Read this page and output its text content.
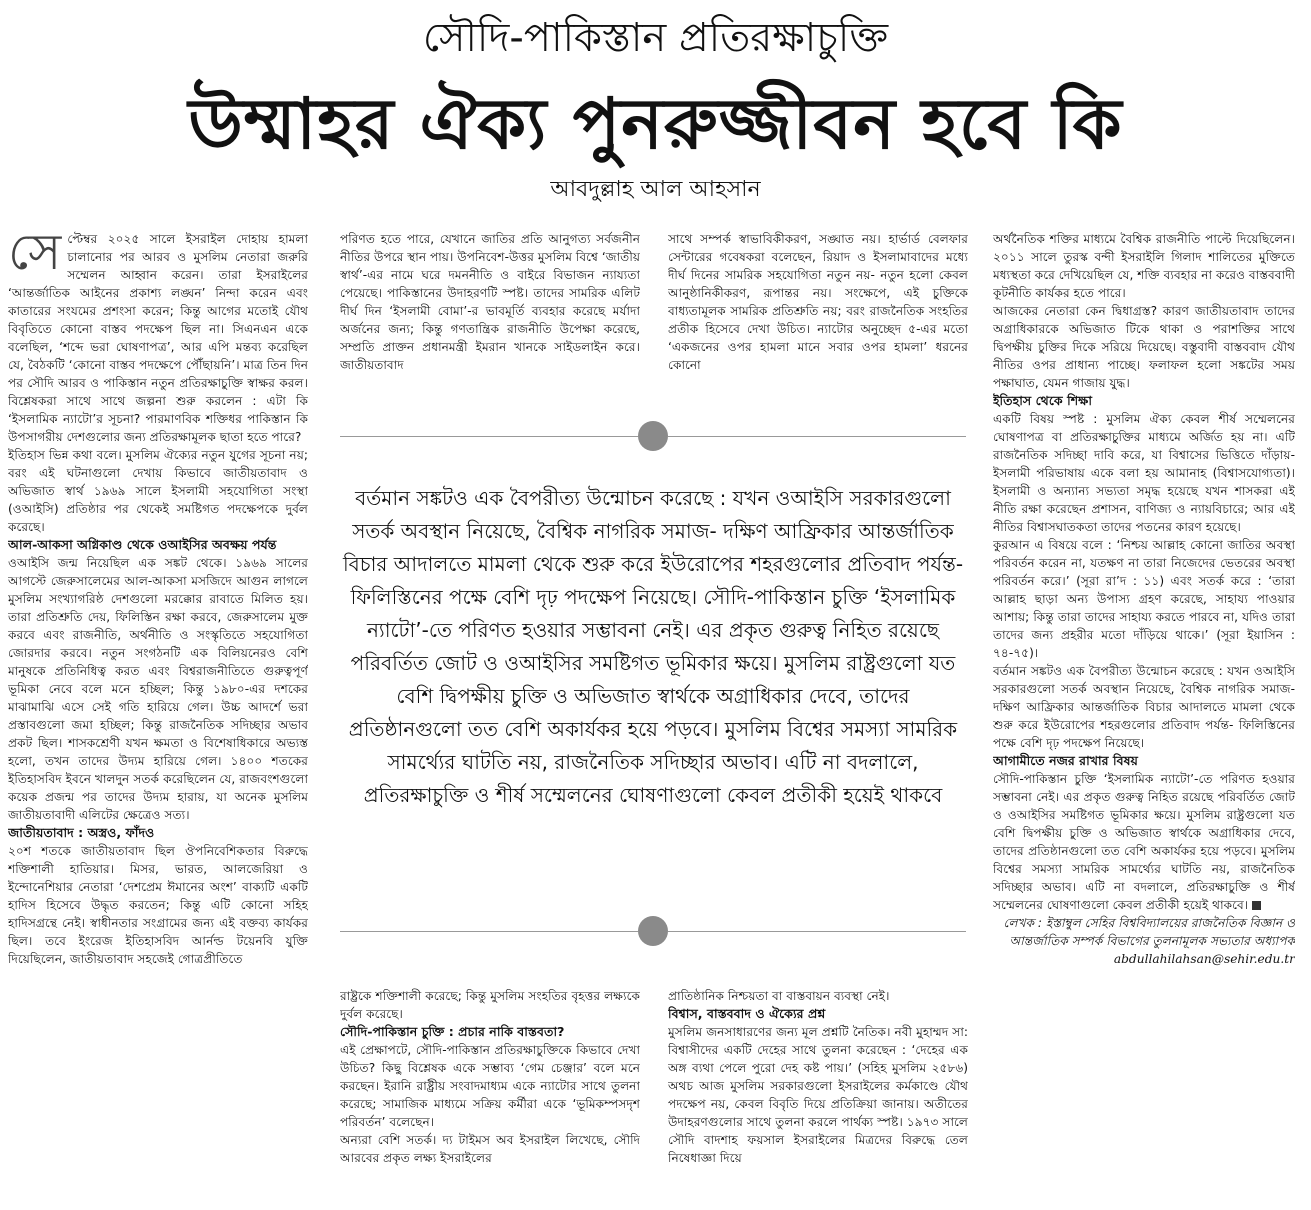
সৌদি-পাকিস্তান প্রতিরক্ষাচুক্তি
উম্মাহর ঐক্য পুনরুজ্জীবন হবে কি
আবদুল্লাহ আল আহসান

সেপ্টেম্বর ২০২৫ সালে ইসরাইল দোহায় হামলা চালানোর পর আরব ও মুসলিম নেতারা জরুরি সম্মেলন আহ্বান করেন। তারা ইসরাইলের ‘আন্তর্জাতিক আইনের প্রকাশ্য লঙ্ঘন’ নিন্দা করেন এবং কাতারের সংযমের প্রশংসা করেন; কিন্তু আগের মতোই যৌথ বিবৃতিতে কোনো বাস্তব পদক্ষেপ ছিল না। সিএনএন একে বলেছিল, ‘শব্দে ভরা ঘোষণাপত্র’, আর এপি মন্তব্য করেছিল যে, বৈঠকটি ‘কোনো বাস্তব পদক্ষেপে পৌঁছায়নি’। মাত্র তিন দিন পর সৌদি আরব ও পাকিস্তান নতুন প্রতিরক্ষাচুক্তি স্বাক্ষর করল। বিশ্লেষকরা সাথে সাথে জল্পনা শুরু করলেন : এটা কি ‘ইসলামিক ন্যাটো’র সূচনা? পারমাণবিক শক্তিধর পাকিস্তান কি উপসাগরীয় দেশগুলোর জন্য প্রতিরক্ষামূলক ছাতা হতে পারে?

ইতিহাস ভিন্ন কথা বলে। মুসলিম ঐক্যের নতুন যুগের সূচনা নয়; বরং এই ঘটনাগুলো দেখায় কিভাবে জাতীয়তাবাদ ও অভিজাত স্বার্থ ১৯৬৯ সালে ইসলামী সহযোগিতা সংস্থা (ওআইসি) প্রতিষ্ঠার পর থেকেই সমষ্টিগত পদক্ষেপকে দুর্বল করেছে।

আল-আকসা অগ্নিকাণ্ড থেকে ওআইসির অবক্ষয় পর্যন্ত

ওআইসি জন্ম নিয়েছিল এক সঙ্কট থেকে। ১৯৬৯ সালের আগস্টে জেরুসালেমের আল-আকসা মসজিদে আগুন লাগলে মুসলিম সংখ্যাগরিষ্ঠ দেশগুলো মরক্কোর রাবাতে মিলিত হয়। তারা প্রতিশ্রুতি দেয়, ফিলিস্তিন রক্ষা করবে, জেরুসালেম মুক্ত করবে এবং রাজনীতি, অর্থনীতি ও সংস্কৃতিতে সহযোগিতা জোরদার করবে। নতুন সংগঠনটি এক বিলিয়নেরও বেশি মানুষকে প্রতিনিধিত্ব করত এবং বিশ্বরাজনীতিতে গুরুত্বপূর্ণ ভূমিকা নেবে বলে মনে হচ্ছিল; কিন্তু ১৯৮০-এর দশকের মাঝামাঝি এসে সেই গতি হারিয়ে গেল। উচ্চ আদর্শে ভরা প্রস্তাবগুলো জমা হচ্ছিল; কিন্তু রাজনৈতিক সদিচ্ছার অভাব প্রকট ছিল। শাসকশ্রেণী যখন ক্ষমতা ও বিশেষাধিকারে অভ্যস্ত হলো, তখন তাদের উদ্যম হারিয়ে গেল। ১৪০০ শতকের ইতিহাসবিদ ইবনে খালদুন সতর্ক করেছিলেন যে, রাজবংশগুলো কয়েক প্রজন্ম পর তাদের উদ্যম হারায়, যা অনেক মুসলিম জাতীয়তাবাদী এলিটের ক্ষেত্রেও সত্য।

জাতীয়তাবাদ : অস্ত্রও, ফাঁদও

২০শ শতকে জাতীয়তাবাদ ছিল ঔপনিবেশিকতার বিরুদ্ধে শক্তিশালী হাতিয়ার। মিসর, ভারত, আলজেরিয়া ও ইন্দোনেশিয়ার নেতারা ‘দেশপ্রেম ঈমানের অংশ’ বাক্যটি একটি হাদিস হিসেবে উদ্ধৃত করতেন; কিন্তু এটি কোনো সহিহ হাদিসগ্রন্থে নেই। স্বাধীনতার সংগ্রামের জন্য এই বক্তব্য কার্যকর ছিল। তবে ইংরেজ ইতিহাসবিদ আর্নল্ড টয়েনবি যুক্তি দিয়েছিলেন, জাতীয়তাবাদ সহজেই গোত্রপ্রীতিতে

পরিণত হতে পারে, যেখানে জাতির প্রতি আনুগত্য সর্বজনীন নীতির উপরে স্থান পায়। উপনিবেশ-উত্তর মুসলিম বিশ্বে ‘জাতীয় স্বার্থ’-এর নামে ঘরে দমননীতি ও বাইরে বিভাজন ন্যায্যতা পেয়েছে। পাকিস্তানের উদাহরণটি স্পষ্ট। তাদের সামরিক এলিট দীর্ঘ দিন ‘ইসলামী বোমা’-র ভাবমূর্তি ব্যবহার করেছে মর্যাদা অর্জনের জন্য; কিন্তু গণতান্ত্রিক রাজনীতি উপেক্ষা করেছে, সম্প্রতি প্রাক্তন প্রধানমন্ত্রী ইমরান খানকে সাইডলাইন করে। জাতীয়তাবাদ

সাথে সম্পর্ক স্বাভাবিকীকরণ, সঙ্ঘাত নয়। হার্ভার্ড বেলফার সেন্টারের গবেষকরা বলেছেন, রিয়াদ ও ইসলামাবাদের মধ্যে দীর্ঘ দিনের সামরিক সহযোগিতা নতুন নয়- নতুন হলো কেবল আনুষ্ঠানিকীকরণ, রূপান্তর নয়। সংক্ষেপে, এই চুক্তিকে বাধ্যতামূলক সামরিক প্রতিশ্রুতি নয়; বরং রাজনৈতিক সংহতির প্রতীক হিসেবে দেখা উচিত। ন্যাটোর অনুচ্ছেদ ৫-এর মতো ‘একজনের ওপর হামলা মানে সবার ওপর হামলা’ ধরনের কোনো

বর্তমান সঙ্কটও এক বৈপরীত্য উন্মোচন করেছে : যখন ওআইসি সরকারগুলো সতর্ক অবস্থান নিয়েছে, বৈশ্বিক নাগরিক সমাজ- দক্ষিণ আফ্রিকার আন্তর্জাতিক বিচার আদালতে মামলা থেকে শুরু করে ইউরোপের শহরগুলোর প্রতিবাদ পর্যন্ত- ফিলিস্তিনের পক্ষে বেশি দৃঢ় পদক্ষেপ নিয়েছে। সৌদি-পাকিস্তান চুক্তি ‘ইসলামিক ন্যাটো’-তে পরিণত হওয়ার সম্ভাবনা নেই। এর প্রকৃত গুরুত্ব নিহিত রয়েছে পরিবর্তিত জোট ও ওআইসির সমষ্টিগত ভূমিকার ক্ষয়ে। মুসলিম রাষ্ট্রগুলো যত বেশি দ্বিপক্ষীয় চুক্তি ও অভিজাত স্বার্থকে অগ্রাধিকার দেবে, তাদের প্রতিষ্ঠানগুলো তত বেশি অকার্যকর হয়ে পড়বে। মুসলিম বিশ্বের সমস্যা সামরিক সামর্থ্যের ঘাটতি নয়, রাজনৈতিক সদিচ্ছার অভাব। এটি না বদলালে, প্রতিরক্ষাচুক্তি ও শীর্ষ সম্মেলনের ঘোষণাগুলো কেবল প্রতীকী হয়েই থাকবে

রাষ্ট্রকে শক্তিশালী করেছে; কিন্তু মুসলিম সংহতির বৃহত্তর লক্ষ্যকে দুর্বল করেছে।

সৌদি-পাকিস্তান চুক্তি : প্রচার নাকি বাস্তবতা?

এই প্রেক্ষাপটে, সৌদি-পাকিস্তান প্রতিরক্ষাচুক্তিকে কিভাবে দেখা উচিত? কিছু বিশ্লেষক একে সম্ভাব্য ‘গেম চেঞ্জার’ বলে মনে করছেন। ইরানি রাষ্ট্রীয় সংবাদমাধ্যম একে ন্যাটোর সাথে তুলনা করেছে; সামাজিক মাধ্যমে সক্রিয় কর্মীরা একে ‘ভূমিকম্পসদৃশ পরিবর্তন’ বলেছেন।

অন্যরা বেশি সতর্ক। দ্য টাইমস অব ইসরাইল লিখেছে, সৌদি আরবের প্রকৃত লক্ষ্য ইসরাইলের

প্রাতিষ্ঠানিক নিশ্চয়তা বা বাস্তবায়ন ব্যবস্থা নেই।

বিশ্বাস, বাস্তববাদ ও ঐক্যের প্রশ্ন

মুসলিম জনসাধারণের জন্য মূল প্রশ্নটি নৈতিক। নবী মুহাম্মদ সা: বিশ্বাসীদের একটি দেহের সাথে তুলনা করেছেন : ‘দেহের এক অঙ্গ ব্যথা পেলে পুরো দেহ কষ্ট পায়।’ (সহিহ মুসলিম ২৫৮৬) অথচ আজ মুসলিম সরকারগুলো ইসরাইলের কর্মকাণ্ডে যৌথ পদক্ষেপ নয়, কেবল বিবৃতি দিয়ে প্রতিক্রিয়া জানায়। অতীতের উদাহরণগুলোর সাথে তুলনা করলে পার্থক্য স্পষ্ট। ১৯৭৩ সালে সৌদি বাদশাহ ফয়সাল ইসরাইলের মিত্রদের বিরুদ্ধে তেল নিষেধাজ্ঞা দিয়ে

অর্থনৈতিক শক্তির মাধ্যমে বৈশ্বিক রাজনীতি পাল্টে দিয়েছিলেন। ২০১১ সালে তুরস্ক বন্দী ইসরাইলি গিলাদ শালিতের মুক্তিতে মধ্যস্থতা করে দেখিয়েছিল যে, শক্তি ব্যবহার না করেও বাস্তববাদী কূটনীতি কার্যকর হতে পারে।

আজকের নেতারা কেন দ্বিধাগ্রস্ত? কারণ জাতীয়তাবাদ তাদের অগ্রাধিকারকে অভিজাত টিকে থাকা ও পরাশক্তির সাথে দ্বিপক্ষীয় চুক্তির দিকে সরিয়ে দিয়েছে। বস্তুবাদী বাস্তববাদ যৌথ নীতির ওপর প্রাধান্য পাচ্ছে। ফলাফল হলো সঙ্কটের সময় পক্ষাঘাত, যেমন গাজায় যুদ্ধ।

ইতিহাস থেকে শিক্ষা

একটি বিষয় স্পষ্ট : মুসলিম ঐক্য কেবল শীর্ষ সম্মেলনের ঘোষণাপত্র বা প্রতিরক্ষাচুক্তির মাধ্যমে অর্জিত হয় না। এটি রাজনৈতিক সদিচ্ছা দাবি করে, যা বিশ্বাসের ভিত্তিতে দাঁড়ায়- ইসলামী পরিভাষায় একে বলা হয় আমানাহ (বিশ্বাসযোগ্যতা)। ইসলামী ও অন্যান্য সভ্যতা সমৃদ্ধ হয়েছে যখন শাসকরা এই নীতি রক্ষা করেছেন প্রশাসন, বাণিজ্য ও ন্যায়বিচারে; আর এই নীতির বিশ্বাসঘাতকতা তাদের পতনের কারণ হয়েছে।

কুরআন এ বিষয়ে বলে : ‘নিশ্চয় আল্লাহ কোনো জাতির অবস্থা পরিবর্তন করেন না, যতক্ষণ না তারা নিজেদের ভেতরের অবস্থা পরিবর্তন করে।’ (সূরা রা’দ : ১১) এবং সতর্ক করে : ‘তারা আল্লাহ ছাড়া অন্য উপাস্য গ্রহণ করেছে, সাহায্য পাওয়ার আশায়; কিন্তু তারা তাদের সাহায্য করতে পারবে না, যদিও তারা তাদের জন্য প্রহরীর মতো দাঁড়িয়ে থাকে।’ (সূরা ইয়াসিন : ৭৪-৭৫)।

বর্তমান সঙ্কটও এক বৈপরীত্য উন্মোচন করেছে : যখন ওআইসি সরকারগুলো সতর্ক অবস্থান নিয়েছে, বৈশ্বিক নাগরিক সমাজ-দক্ষিণ আফ্রিকার আন্তর্জাতিক বিচার আদালতে মামলা থেকে শুরু করে ইউরোপের শহরগুলোর প্রতিবাদ পর্যন্ত- ফিলিস্তিনের পক্ষে বেশি দৃঢ় পদক্ষেপ নিয়েছে।

আগামীতে নজর রাখার বিষয়

সৌদি-পাকিস্তান চুক্তি ‘ইসলামিক ন্যাটো’-তে পরিণত হওয়ার সম্ভাবনা নেই। এর প্রকৃত গুরুত্ব নিহিত রয়েছে পরিবর্তিত জোট ও ওআইসির সমষ্টিগত ভূমিকার ক্ষয়ে। মুসলিম রাষ্ট্রগুলো যত বেশি দ্বিপক্ষীয় চুক্তি ও অভিজাত স্বার্থকে অগ্রাধিকার দেবে, তাদের প্রতিষ্ঠানগুলো তত বেশি অকার্যকর হয়ে পড়বে। মুসলিম বিশ্বের সমস্যা সামরিক সামর্থ্যের ঘাটতি নয়, রাজনৈতিক সদিচ্ছার অভাব। এটি না বদলালে, প্রতিরক্ষাচুক্তি ও শীর্ষ সম্মেলনের ঘোষণাগুলো কেবল প্রতীকী হয়েই থাকবে।

লেখক : ইস্তাম্বুল সেহির বিশ্ববিদ্যালয়ের রাজনৈতিক বিজ্ঞান ও আন্তর্জাতিক সম্পর্ক বিভাগের তুলনামূলক সভ্যতার অধ্যাপক

abdullahilahsan@sehir.edu.tr
